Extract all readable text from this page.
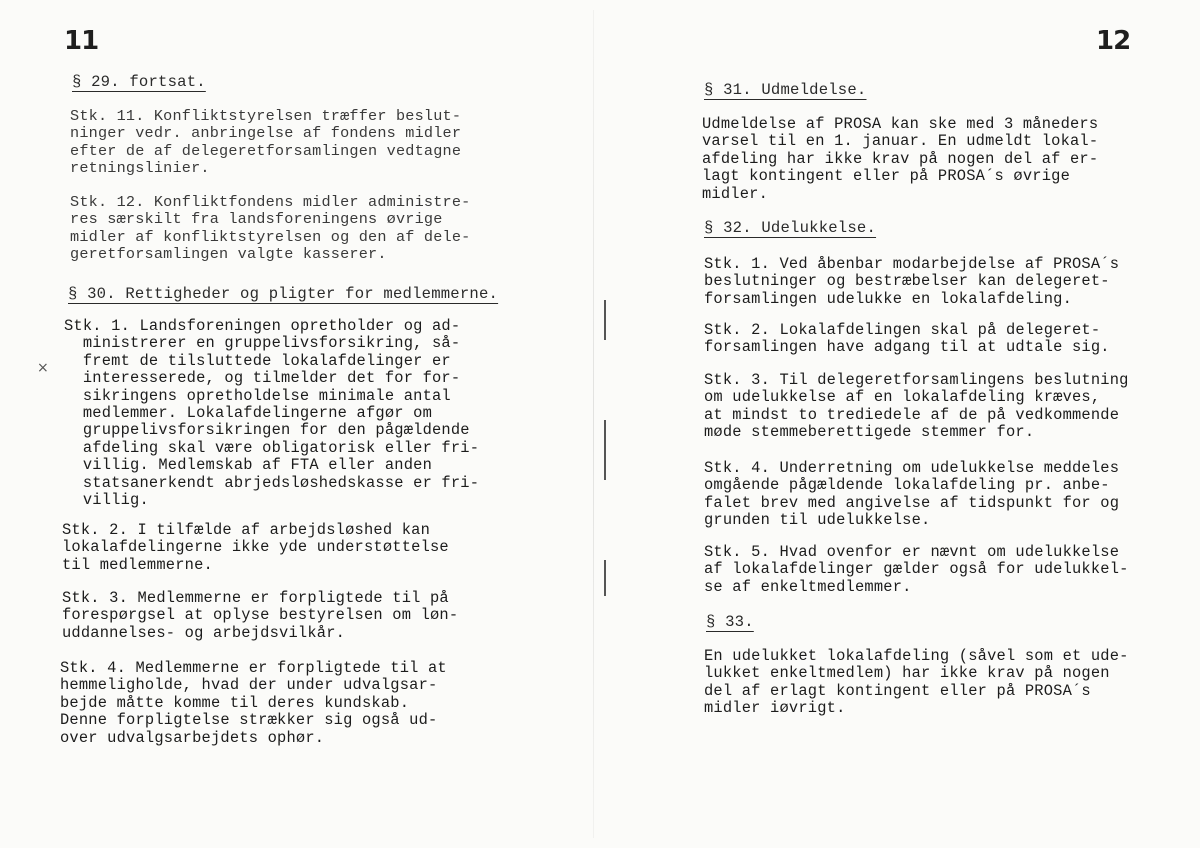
11
§ 29. fortsat.

Stk. 11. Konfliktstyrelsen træffer beslut-
ninger vedr. anbringelse af fondens midler
efter de af delegeretforsamlingen vedtagne
retningslinier.

Stk. 12. Konfliktfondens midler administre-
res særskilt fra landsforeningens øvrige
midler af konfliktstyrelsen og den af dele-
geretforsamlingen valgte kasserer.

§ 30. Rettigheder og pligter for medlemmerne.
×

Stk. 1. Landsforeningen opretholder og ad-
ministrerer en gruppelivsforsikring, så-
fremt de tilsluttede lokalafdelinger er
interesserede, og tilmelder det for for-
sikringens opretholdelse minimale antal
medlemmer. Lokalafdelingerne afgør om
gruppelivsforsikringen for den pågældende
afdeling skal være obligatorisk eller fri-
villig. Medlemskab af FTA eller anden
statsanerkendt abrjedsløshedskasse er fri-
villig.

Stk. 2. I tilfælde af arbejdsløshed kan
lokalafdelingerne ikke yde understøttelse
til medlemmerne.

Stk. 3. Medlemmerne er forpligtede til på
forespørgsel at oplyse bestyrelsen om løn-
uddannelses- og arbejdsvilkår.

Stk. 4. Medlemmerne er forpligtede til at
hemmeligholde, hvad der under udvalgsar-
bejde måtte komme til deres kundskab.
Denne forpligtelse strækker sig også ud-
over udvalgsarbejdets ophør.

12
§ 31. Udmeldelse.

Udmeldelse af PROSA kan ske med 3 måneders
varsel til en 1. januar. En udmeldt lokal-
afdeling har ikke krav på nogen del af er-
lagt kontingent eller på PROSA´s øvrige
midler.

§ 32. Udelukkelse.

Stk. 1. Ved åbenbar modarbejdelse af PROSA´s
beslutninger og bestræbelser kan delegeret-
forsamlingen udelukke en lokalafdeling.

Stk. 2. Lokalafdelingen skal på delegeret-
forsamlingen have adgang til at udtale sig.

Stk. 3. Til delegeretforsamlingens beslutning
om udelukkelse af en lokalafdeling kræves,
at mindst to trediedele af de på vedkommende
møde stemmeberettigede stemmer for.

Stk. 4. Underretning om udelukkelse meddeles
omgående pågældende lokalafdeling pr. anbe-
falet brev med angivelse af tidspunkt for og
grunden til udelukkelse.

Stk. 5. Hvad ovenfor er nævnt om udelukkelse
af lokalafdelinger gælder også for udelukkel-
se af enkeltmedlemmer.

§ 33.

En udelukket lokalafdeling (såvel som et ude-
lukket enkeltmedlem) har ikke krav på nogen
del af erlagt kontingent eller på PROSA´s
midler iøvrigt.
